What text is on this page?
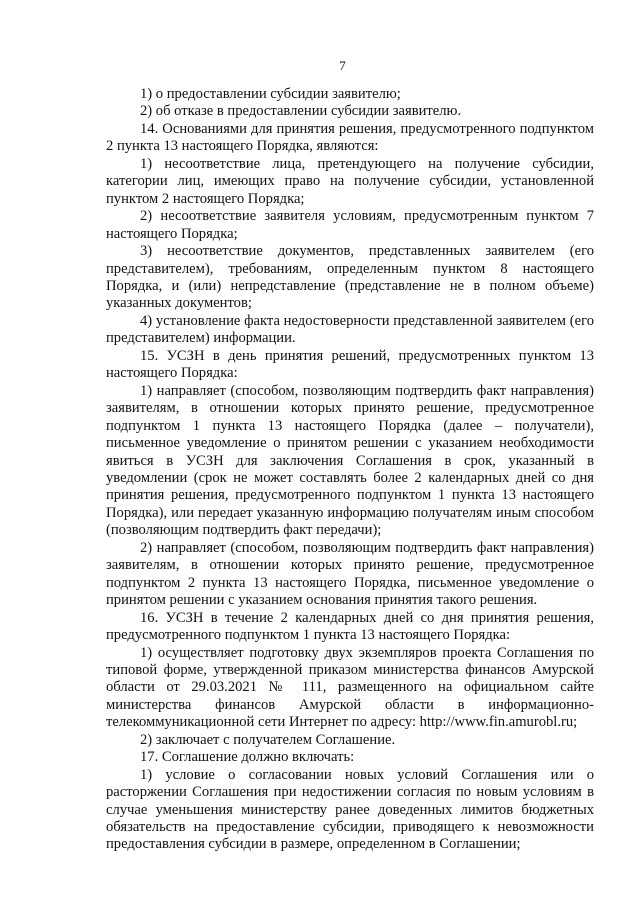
7

1) о предоставлении субсидии заявителю;

2) об отказе в предоставлении субсидии заявителю.

14. Основаниями для принятия решения, предусмотренного подпунктом 2 пункта 13 настоящего Порядка, являются:

1) несоответствие лица, претендующего на получение субсидии, категории лиц, имеющих право на получение субсидии, установленной пунктом 2 настоящего Порядка;

2) несоответствие заявителя условиям, предусмотренным пунктом 7 настоящего Порядка;

3) несоответствие документов, представленных заявителем (его представителем), требованиям, определенным пунктом 8 настоящего Порядка, и (или) непредставление (представление не в полном объеме) указанных документов;

4) установление факта недостоверности представленной заявителем (его представителем) информации.

15. УСЗН в день принятия решений, предусмотренных пунктом 13 настоящего Порядка:

1) направляет (способом, позволяющим подтвердить факт направления) заявителям, в отношении которых принято решение, предусмотренное подпунктом 1 пункта 13 настоящего Порядка (далее – получатели), письменное уведомление о принятом решении с указанием необходимости явиться в УСЗН для заключения Соглашения в срок, указанный в уведомлении (срок не может составлять более 2 календарных дней со дня принятия решения, предусмотренного подпунктом 1 пункта 13 настоящего Порядка), или передает указанную информацию получателям иным способом (позволяющим подтвердить факт передачи);

2) направляет (способом, позволяющим подтвердить факт направления) заявителям, в отношении которых принято решение, предусмотренное подпунктом 2 пункта 13 настоящего Порядка, письменное уведомление о принятом решении с указанием основания принятия такого решения.

16. УСЗН в течение 2 календарных дней со дня принятия решения, предусмотренного подпунктом 1 пункта 13 настоящего Порядка:

1) осуществляет подготовку двух экземпляров проекта Соглашения по типовой форме, утвержденной приказом министерства финансов Амурской области от 29.03.2021 № 111, размещенного на официальном сайте министерства финансов Амурской области в информационно-телекоммуникационной сети Интернет по адресу: http://www.fin.amurobl.ru;

2) заключает с получателем Соглашение.

17. Соглашение должно включать:

1) условие о согласовании новых условий Соглашения или о расторжении Соглашения при недостижении согласия по новым условиям в случае уменьшения министерству ранее доведенных лимитов бюджетных обязательств на предоставление субсидии, приводящего к невозможности предоставления субсидии в размере, определенном в Соглашении;
